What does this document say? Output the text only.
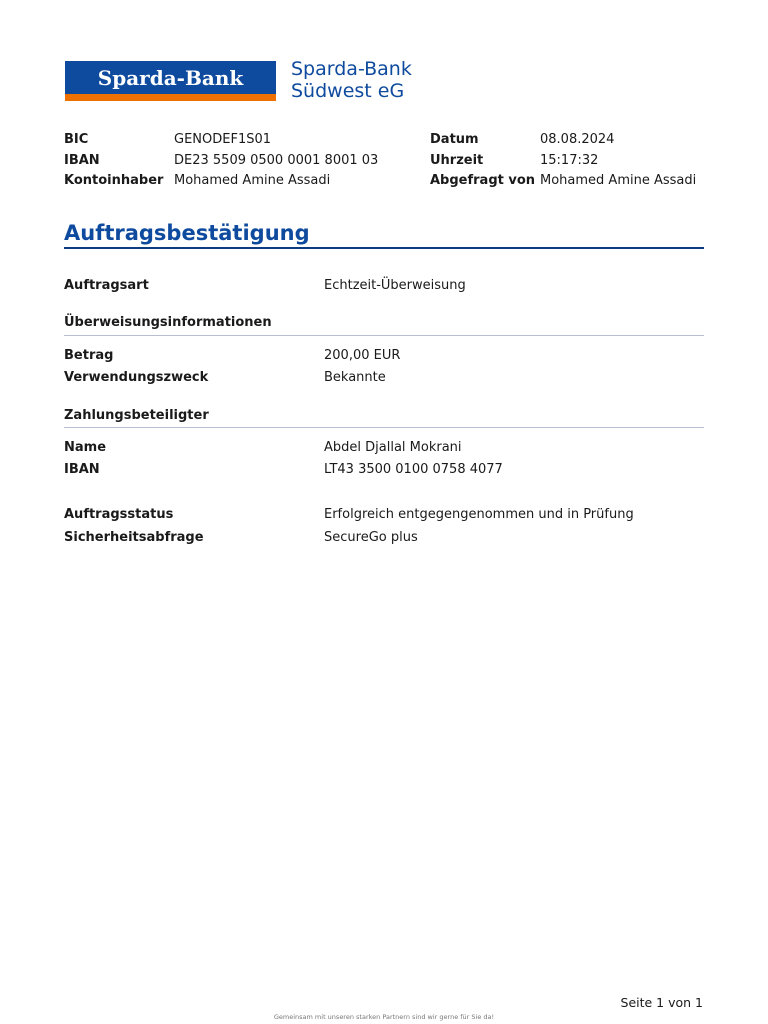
Sparda-Bank	Sparda-Bank
Südwest eG
BIC	GENODEF1S01
IBAN	DE23 5509 0500 0001 8001 03
Kontoinhaber Mohamed Amine Assadi
Datum	08.08.2024
Uhrzeit	15:17:32
Abgefragt von Mohamed Amine Assadi
Auftragsbestätigung
Auftragsart	Echtzeit-Überweisung
Überweisungsinformationen
Betrag	200,00 EUR
Verwendungszweck	Bekannte
Zahlungsbeteiligter
Name	Abdel Djallal Mokrani
IBAN	LT43 3500 0100 0758 4077
Auftragsstatus	Erfolgreich entgegengenommen und in Prüfung
Sicherheitsabfrage	SecureGo plus
Seite 1 von 1
Gemeinsam mit unseren starken Partnern sind wir gerne für Sie da!
